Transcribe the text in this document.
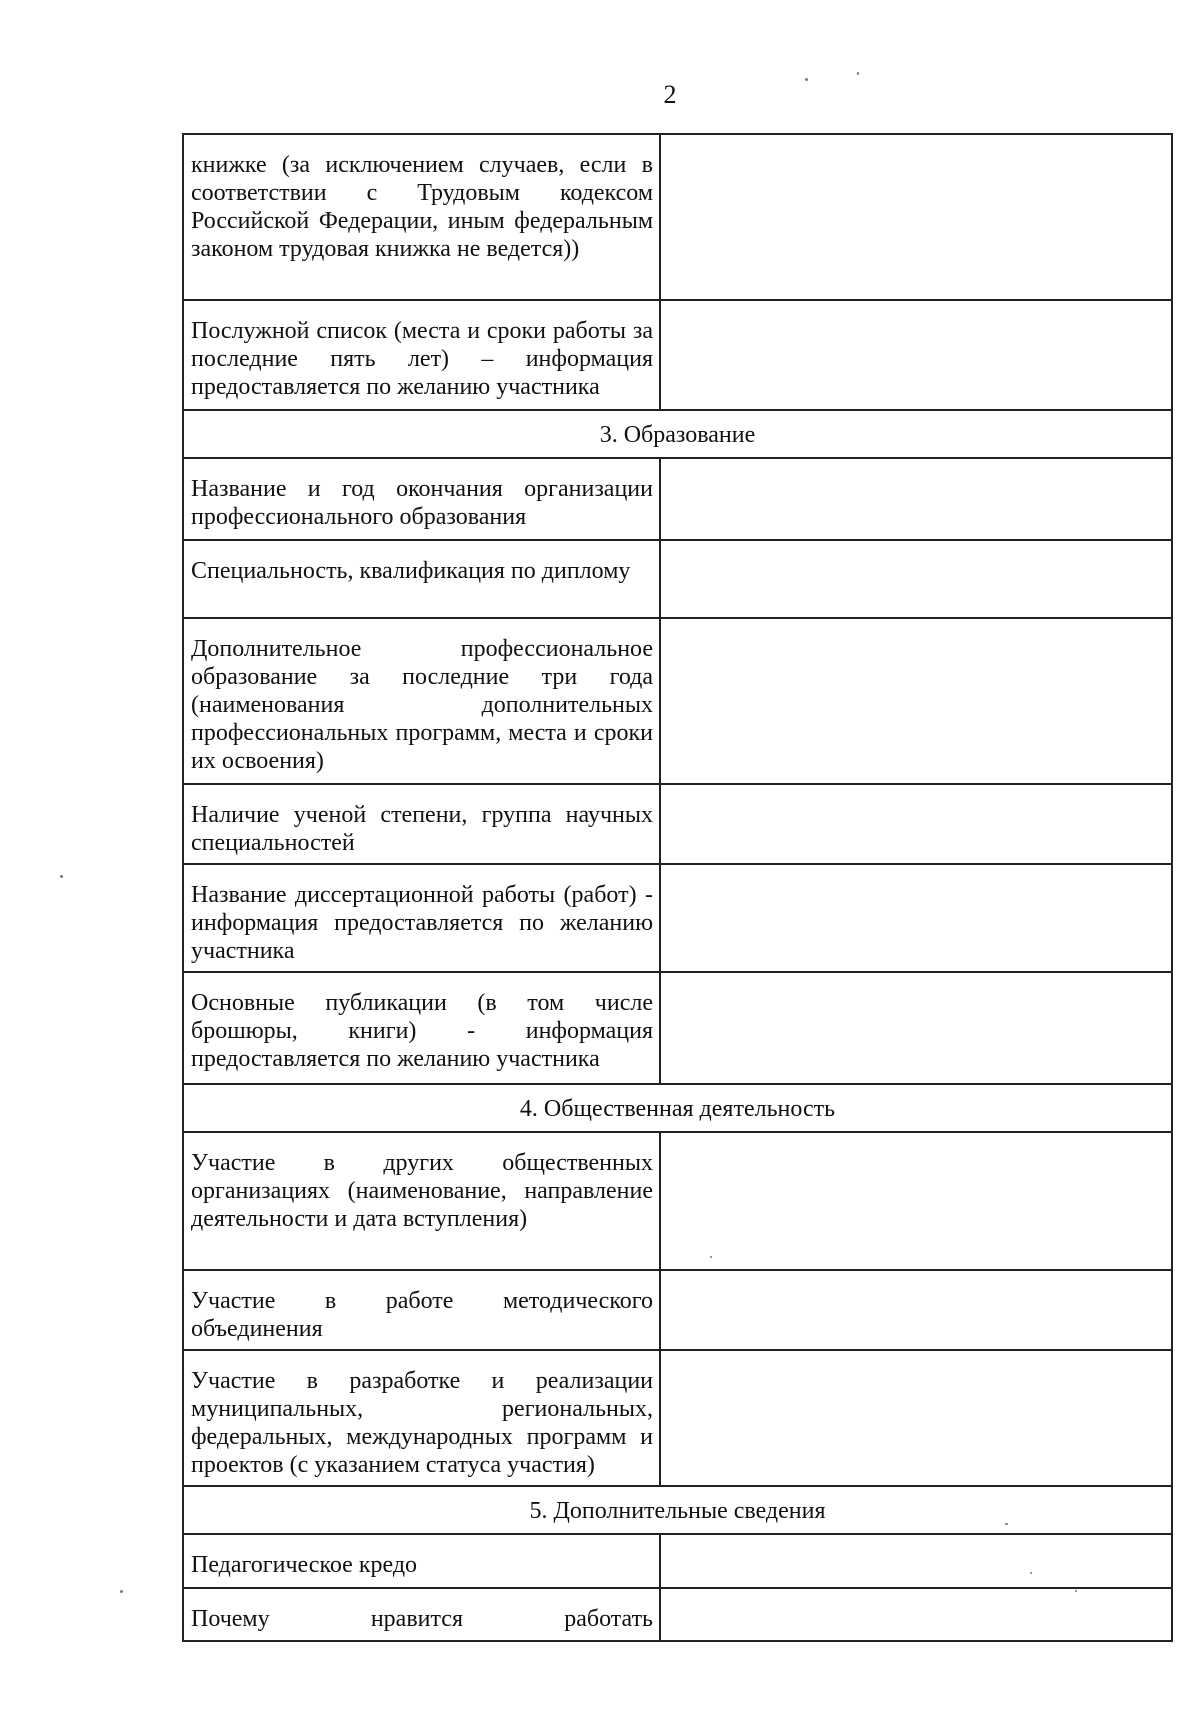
2
книжке (за исключением случаев, если в соответствии с Трудовым кодексом Российской Федерации, иным федеральным законом трудовая книжка не ведется))	
Послужной список (места и сроки работы за последние пять лет) – информация предоставляется по желанию участника	
3. Образование	
Название и год окончания организации профессионального образования	
Специальность, квалификация по диплому	
Дополнительное профессиональное образование за последние три года (наименования дополнительных профессиональных программ, места и сроки их освоения)	
Наличие ученой степени, группа научных специальностей	
Название диссертационной работы (работ) - информация предоставляется по желанию участника	
Основные публикации (в том числе брошюры, книги) - информация предоставляется по желанию участника	
4. Общественная деятельность	
Участие в других общественных организациях (наименование, направление деятельности и дата вступления)	
Участие в работе методического объединения	
Участие в разработке и реализации муниципальных, региональных, федеральных, международных программ и проектов (с указанием статуса участия)	
5. Дополнительные сведения	
Педагогическое кредо	
Почему нравится работать	
